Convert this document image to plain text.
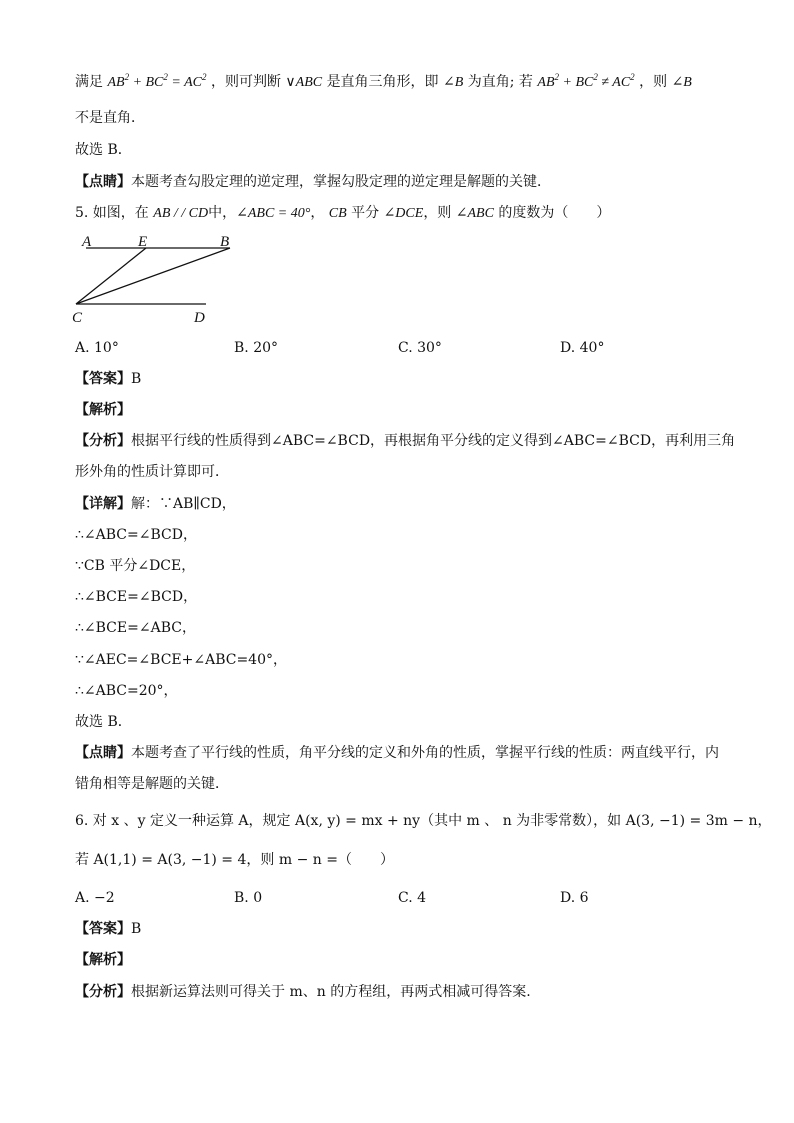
满足 $AB^2 + BC^2 = AC^2$ ，则可判断 ∨ABC 是直角三角形，即 ∠B 为直角; 若 $AB^2 + BC^2 \ne AC^2$ ，则 ∠B
不是直角．
故选 B．
【点睛】本题考查勾股定理的逆定理，掌握勾股定理的逆定理是解题的关键．
5. 如图，在 AB / / CD中，∠ABC = 40°， CB 平分 ∠DCE，则 ∠ABC 的度数为（　　）
A	E	B
C	D
A. 10°	B. 20°	C. 30°	D. 40°
【答案】B
【解析】
【分析】根据平行线的性质得到∠ABC=∠BCD，再根据角平分线的定义得到∠ABC=∠BCD，再利用三角
形外角的性质计算即可．
【详解】解：∵AB∥CD，
∴∠ABC=∠BCD，
∵CB 平分∠DCE，
∴∠BCE=∠BCD，
∴∠BCE=∠ABC，
∵∠AEC=∠BCE+∠ABC=40°，
∴∠ABC=20°，
故选 B．
【点睛】本题考查了平行线的性质，角平分线的定义和外角的性质，掌握平行线的性质：两直线平行，内
错角相等是解题的关键．
6. 对 x 、y 定义一种运算 A，规定 A(x, y) = mx + ny（其中 m 、 n 为非零常数），如 A(3, −1) = 3m − n，
若 A(1,1) = A(3, −1) = 4，则 m − n =（　　）
A. −2	B. 0	C. 4	D. 6
【答案】B
【解析】
【分析】根据新运算法则可得关于 m、n 的方程组，再两式相减可得答案.
